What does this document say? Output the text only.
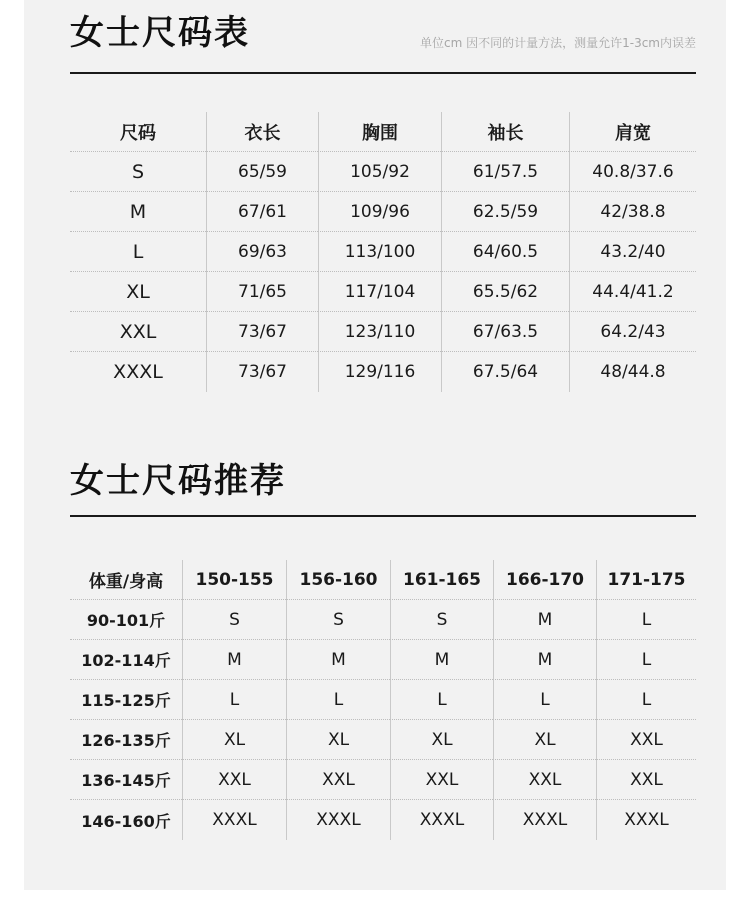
女士尺码表	单位cm 因不同的计量方法，测量允许1-3cm内误差
尺码	衣长	胸围	袖长	肩宽
S	65/59	105/92	61/57.5	40.8/37.6
M	67/61	109/96	62.5/59	42/38.8
L	69/63	113/100	64/60.5	43.2/40
XL	71/65	117/104	65.5/62	44.4/41.2
XXL	73/67	123/110	67/63.5	64.2/43
XXXL	73/67	129/116	67.5/64	48/44.8
女士尺码推荐
体重/身高	150-155	156-160	161-165	166-170	171-175
90-101斤	S	S	S	M	L
102-114斤	M	M	M	M	L
115-125斤	L	L	L	L	L
126-135斤	XL	XL	XL	XL	XXL
136-145斤	XXL	XXL	XXL	XXL	XXL
146-160斤	XXXL	XXXL	XXXL	XXXL	XXXL
